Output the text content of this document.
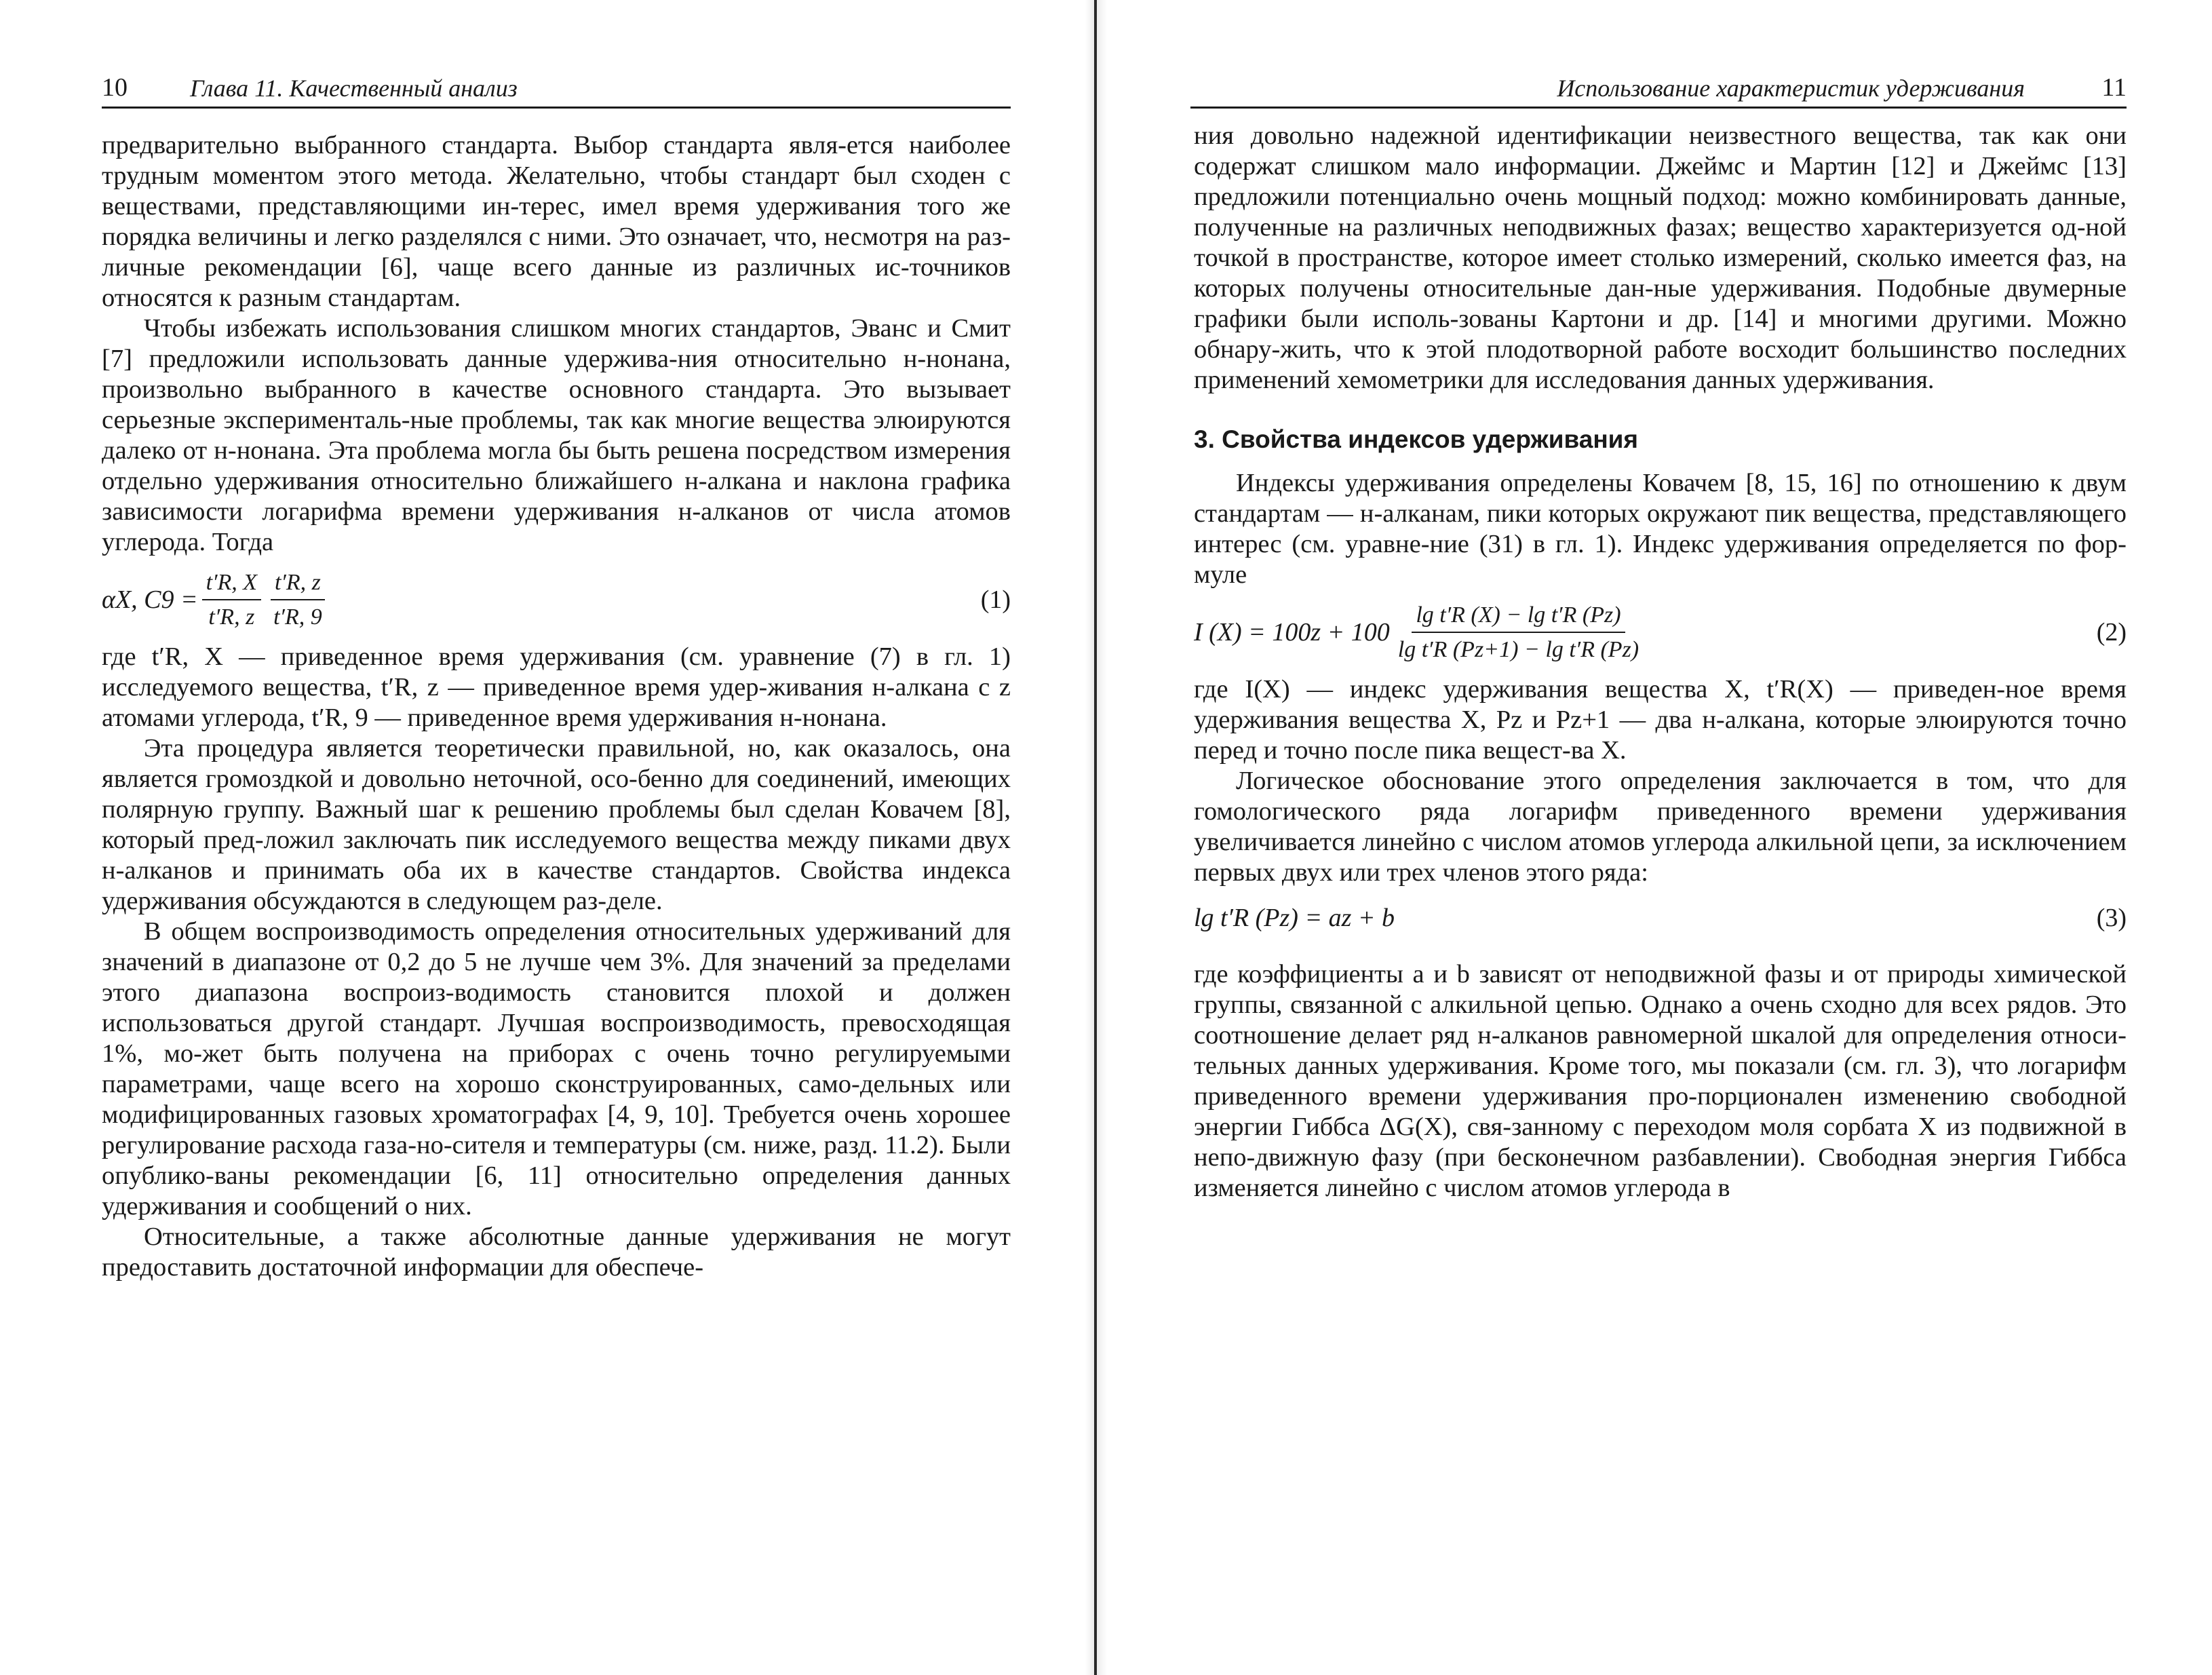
10	Глава 11. Качественный анализ

предварительно выбранного стандарта. Выбор стандарта явля-ется наиболее трудным моментом этого метода. Желательно, чтобы стандарт был сходен с веществами, представляющими ин-терес, имел время удерживания того же порядка величины и легко разделялся с ними. Это означает, что, несмотря на раз-личные рекомендации [6], чаще всего данные из различных ис-точников относятся к разным стандартам.

Чтобы избежать использования слишком многих стандартов, Эванс и Смит [7] предложили использовать данные удержива-ния относительно н-нонана, произвольно выбранного в качестве основного стандарта. Это вызывает серьезные эксперименталь-ные проблемы, так как многие вещества элюируются далеко от н-нонана. Эта проблема могла бы быть решена посредством измерения отдельно удерживания относительно ближайшего н-алкана и наклона графика зависимости логарифма времени удерживания н-алканов от числа атомов углерода. Тогда

αX, $C9 = \frac{t'R, X}{t'R, z} \frac{t'R, z}{t'R, 9}$	(1)

где t′R, X — приведенное время удерживания (см. уравнение (7) в гл. 1) исследуемого вещества, t′R, z — приведенное время удер-живания н-алкана с z атомами углерода, t′R, 9 — приведенное время удерживания н-нонана.

Эта процедура является теоретически правильной, но, как оказалось, она является громоздкой и довольно неточной, осо-бенно для соединений, имеющих полярную группу. Важный шаг к решению проблемы был сделан Ковачем [8], который пред-ложил заключать пик исследуемого вещества между пиками двух н-алканов и принимать оба их в качестве стандартов. Свойства индекса удерживания обсуждаются в следующем раз-деле.

В общем воспроизводимость определения относительных удерживаний для значений в диапазоне от 0,2 до 5 не лучше чем 3%. Для значений за пределами этого диапазона воспроиз-водимость становится плохой и должен использоваться другой стандарт. Лучшая воспроизводимость, превосходящая 1%, мо-жет быть получена на приборах с очень точно регулируемыми параметрами, чаще всего на хорошо сконструированных, само-дельных или модифицированных газовых хроматографах [4, 9, 10]. Требуется очень хорошее регулирование расхода газа-но-сителя и температуры (см. ниже, разд. 11.2). Были опублико-ваны рекомендации [6, 11] относительно определения данных удерживания и сообщений о них.

Относительные, а также абсолютные данные удерживания не могут предоставить достаточной информации для обеспече-

Использование характеристик удерживания	11

ния довольно надежной идентификации неизвестного вещества, так как они содержат слишком мало информации. Джеймс и Мартин [12] и Джеймс [13] предложили потенциально очень мощный подход: можно комбинировать данные, полученные на различных неподвижных фазах; вещество характеризуется од-ной точкой в пространстве, которое имеет столько измерений, сколько имеется фаз, на которых получены относительные дан-ные удерживания. Подобные двумерные графики были исполь-зованы Картони и др. [14] и многими другими. Можно обнару-жить, что к этой плодотворной работе восходит большинство последних применений хемометрики для исследования данных удерживания.

3. Свойства индексов удерживания

Индексы удерживания определены Ковачем [8, 15, 16] по отношению к двум стандартам — н-алканам, пики которых окружают пик вещества, представляющего интерес (см. уравне-ние (31) в гл. 1). Индекс удерживания определяется по фор-муле

I $(X) = 100z + 100 \frac{\text{lg t′R (X) − lg t′R (Pz)}}{\text{lg t′R (Pz+1) − lg t′R (Pz)}}$	(2)

где I(X) — индекс удерживания вещества X, t′R(X) — приведен-ное время удерживания вещества X, Pz и Pz+1 — два н-алкана, которые элюируются точно перед и точно после пика вещест-ва X.

Логическое обоснование этого определения заключается в том, что для гомологического ряда логарифм приведенного времени удерживания увеличивается линейно с числом атомов углерода алкильной цепи, за исключением первых двух или трех членов этого ряда:

lg t′R (Pz) = az + b	(3)

где коэффициенты a и b зависят от неподвижной фазы и от природы химической группы, связанной с алкильной цепью. Однако a очень сходно для всех рядов. Это соотношение делает ряд н-алканов равномерной шкалой для определения относи-тельных данных удерживания. Кроме того, мы показали (см. гл. 3), что логарифм приведенного времени удерживания про-порционален изменению свободной энергии Гиббса ΔG(X), свя-занному с переходом моля сорбата X из подвижной в непо-движную фазу (при бесконечном разбавлении). Свободная энергия Гиббса изменяется линейно с числом атомов углерода в
